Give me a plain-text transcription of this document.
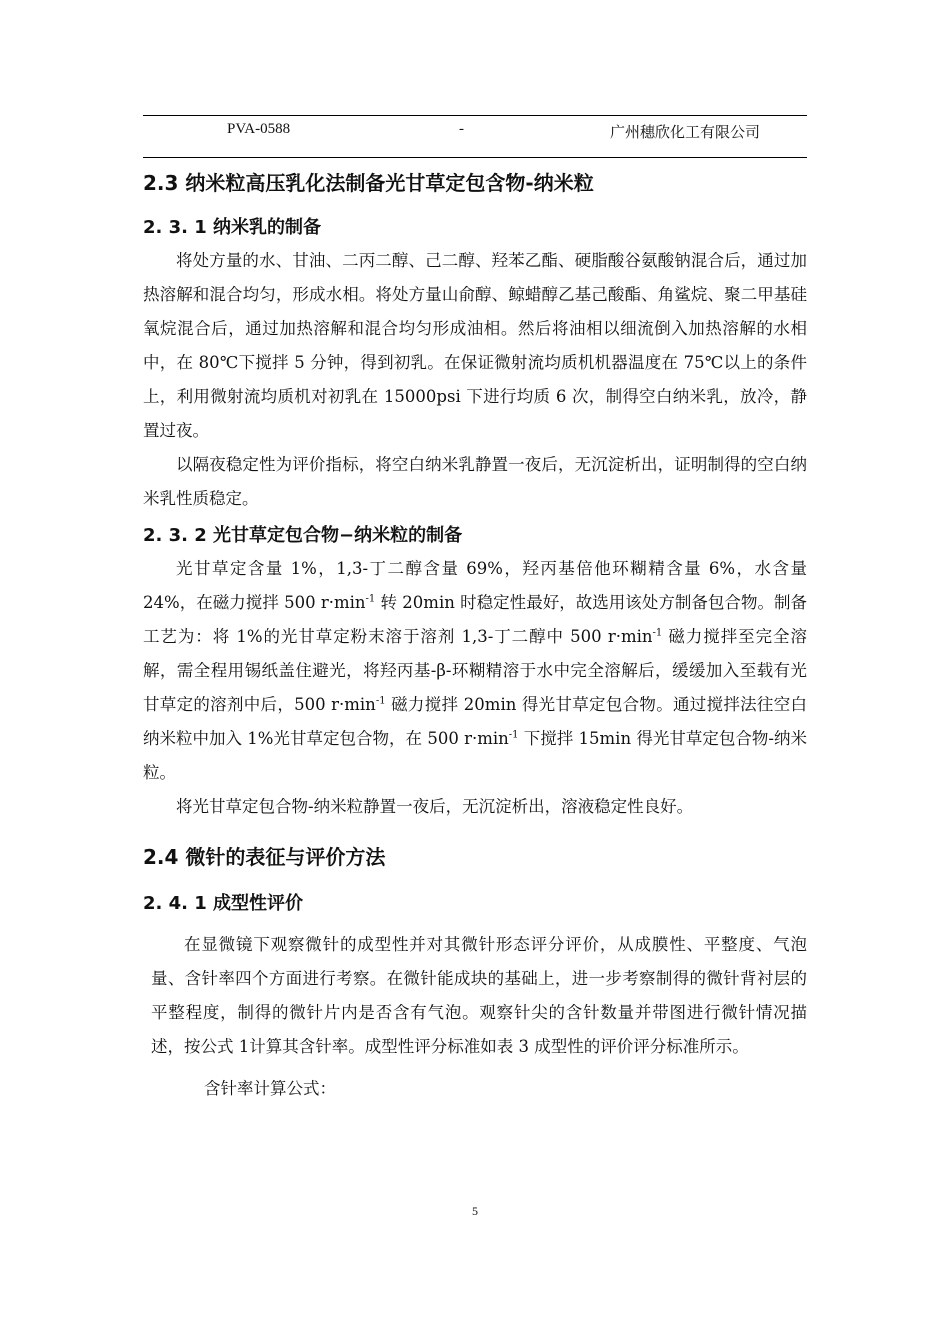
PVA-0588	-	广州穗欣化工有限公司
2.3 纳米粒高压乳化法制备光甘草定包含物-纳米粒
2. 3. 1 纳米乳的制备

将处方量的水、甘油、二丙二醇、己二醇、羟苯乙酯、硬脂酸谷氨酸钠混合后，通过加热溶解和混合均匀，形成水相。将处方量山俞醇、鲸蜡醇乙基己酸酯、角鲨烷、聚二甲基硅氧烷混合后，通过加热溶解和混合均匀形成油相。然后将油相以细流倒入加热溶解的水相中，在 80℃下搅拌 5 分钟，得到初乳。在保证微射流均质机机器温度在 75℃以上的条件上，利用微射流均质机对初乳在 15000psi 下进行均质 6 次，制得空白纳米乳，放冷，静置过夜。

以隔夜稳定性为评价指标，将空白纳米乳静置一夜后，无沉淀析出，证明制得的空白纳米乳性质稳定。

2. 3. 2 光甘草定包合物−纳米粒的制备

光甘草定含量 1%，1,3-丁二醇含量 69%，羟丙基倍他环糊精含量 6%，水含量 24%，在磁力搅拌 500 $r\cdot\min^{-1}$ 转 20min 时稳定性最好，故选用该处方制备包合物。制备工艺为：将 1%的光甘草定粉末溶于溶剂 1,3-丁二醇中 500 $r\cdot\min^{-1}$ 磁力搅拌至完全溶解，需全程用锡纸盖住避光，将羟丙基-β-环糊精溶于水中完全溶解后，缓缓加入至载有光甘草定的溶剂中后，500 $r\cdot\min^{-1}$ 磁力搅拌 20min 得光甘草定包合物。通过搅拌法往空白纳米粒中加入 1%光甘草定包合物，在 500 $r\cdot\min^{-1}$ 下搅拌 15min 得光甘草定包合物-纳米粒。

将光甘草定包合物-纳米粒静置一夜后，无沉淀析出，溶液稳定性良好。

2.4 微针的表征与评价方法
2. 4. 1 成型性评价

在显微镜下观察微针的成型性并对其微针形态评分评价，从成膜性、平整度、气泡量、含针率四个方面进行考察。在微针能成块的基础上，进一步考察制得的微针背衬层的平整程度，制得的微针片内是否含有气泡。观察针尖的含针数量并带图进行微针情况描述，按公式 1计算其含针率。成型性评分标准如表 3 成型性的评价评分标准所示。

含针率计算公式：

5
